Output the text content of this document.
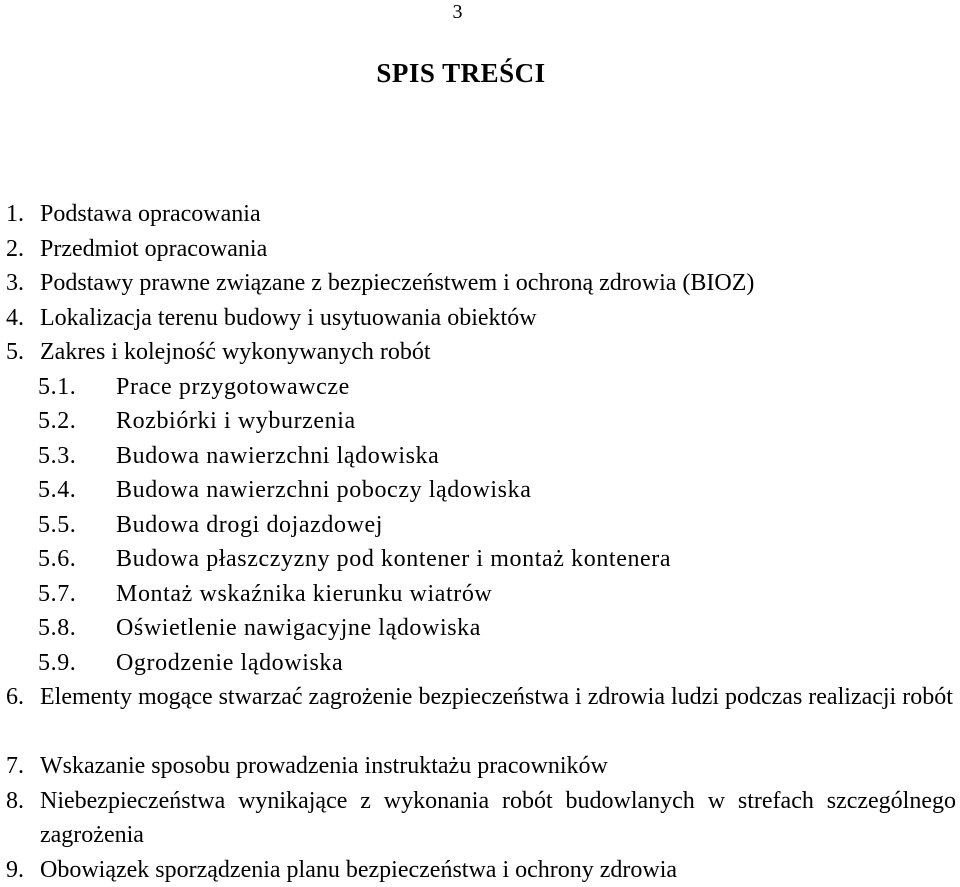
3
SPIS TREŚCI
1. Podstawa opracowania
2. Przedmiot opracowania
3. Podstawy prawne związane z bezpieczeństwem i ochroną zdrowia (BIOZ)
4. Lokalizacja terenu budowy i usytuowania obiektów
5. Zakres i kolejność wykonywanych robót
5.1.	Prace przygotowawcze
5.2.	Rozbiórki i wyburzenia
5.3.	Budowa nawierzchni lądowiska
5.4.	Budowa nawierzchni poboczy lądowiska
5.5.	Budowa drogi dojazdowej
5.6.	Budowa płaszczyzny pod kontener i montaż kontenera
5.7.	Montaż wskaźnika kierunku wiatrów
5.8.	Oświetlenie nawigacyjne lądowiska
5.9.	Ogrodzenie lądowiska
6. Elementy mogące stwarzać zagrożenie bezpieczeństwa i zdrowia ludzi podczas realizacji robót
7. Wskazanie sposobu prowadzenia instruktażu pracowników
8. Niebezpieczeństwa wynikające z wykonania robót budowlanych w strefach szczególnego zagrożenia
9. Obowiązek sporządzenia planu bezpieczeństwa i ochrony zdrowia
